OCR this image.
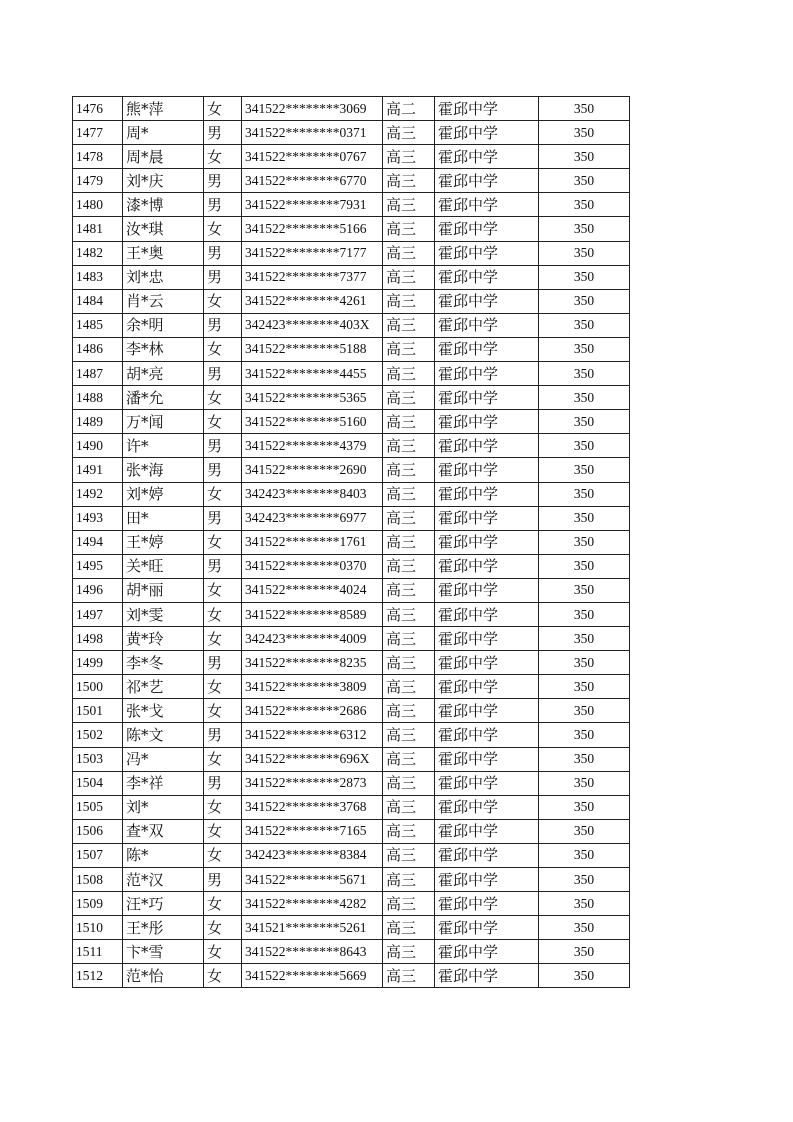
1476	熊*萍	女	341522********3069	高二	霍邱中学	350
1477	周*	男	341522********0371	高三	霍邱中学	350
1478	周*晨	女	341522********0767	高三	霍邱中学	350
1479	刘*庆	男	341522********6770	高三	霍邱中学	350
1480	漆*博	男	341522********7931	高三	霍邱中学	350
1481	汝*琪	女	341522********5166	高三	霍邱中学	350
1482	王*奥	男	341522********7177	高三	霍邱中学	350
1483	刘*忠	男	341522********7377	高三	霍邱中学	350
1484	肖*云	女	341522********4261	高三	霍邱中学	350
1485	余*明	男	342423********403X	高三	霍邱中学	350
1486	李*林	女	341522********5188	高三	霍邱中学	350
1487	胡*亮	男	341522********4455	高三	霍邱中学	350
1488	潘*允	女	341522********5365	高三	霍邱中学	350
1489	万*闻	女	341522********5160	高三	霍邱中学	350
1490	许*	男	341522********4379	高三	霍邱中学	350
1491	张*海	男	341522********2690	高三	霍邱中学	350
1492	刘*婷	女	342423********8403	高三	霍邱中学	350
1493	田*	男	342423********6977	高三	霍邱中学	350
1494	王*婷	女	341522********1761	高三	霍邱中学	350
1495	关*旺	男	341522********0370	高三	霍邱中学	350
1496	胡*丽	女	341522********4024	高三	霍邱中学	350
1497	刘*雯	女	341522********8589	高三	霍邱中学	350
1498	黄*玲	女	342423********4009	高三	霍邱中学	350
1499	李*冬	男	341522********8235	高三	霍邱中学	350
1500	祁*艺	女	341522********3809	高三	霍邱中学	350
1501	张*戈	女	341522********2686	高三	霍邱中学	350
1502	陈*文	男	341522********6312	高三	霍邱中学	350
1503	冯*	女	341522********696X	高三	霍邱中学	350
1504	李*祥	男	341522********2873	高三	霍邱中学	350
1505	刘*	女	341522********3768	高三	霍邱中学	350
1506	查*双	女	341522********7165	高三	霍邱中学	350
1507	陈*	女	342423********8384	高三	霍邱中学	350
1508	范*汉	男	341522********5671	高三	霍邱中学	350
1509	汪*巧	女	341522********4282	高三	霍邱中学	350
1510	王*彤	女	341521********5261	高三	霍邱中学	350
1511	卞*雪	女	341522********8643	高三	霍邱中学	350
1512	范*怡	女	341522********5669	高三	霍邱中学	350
